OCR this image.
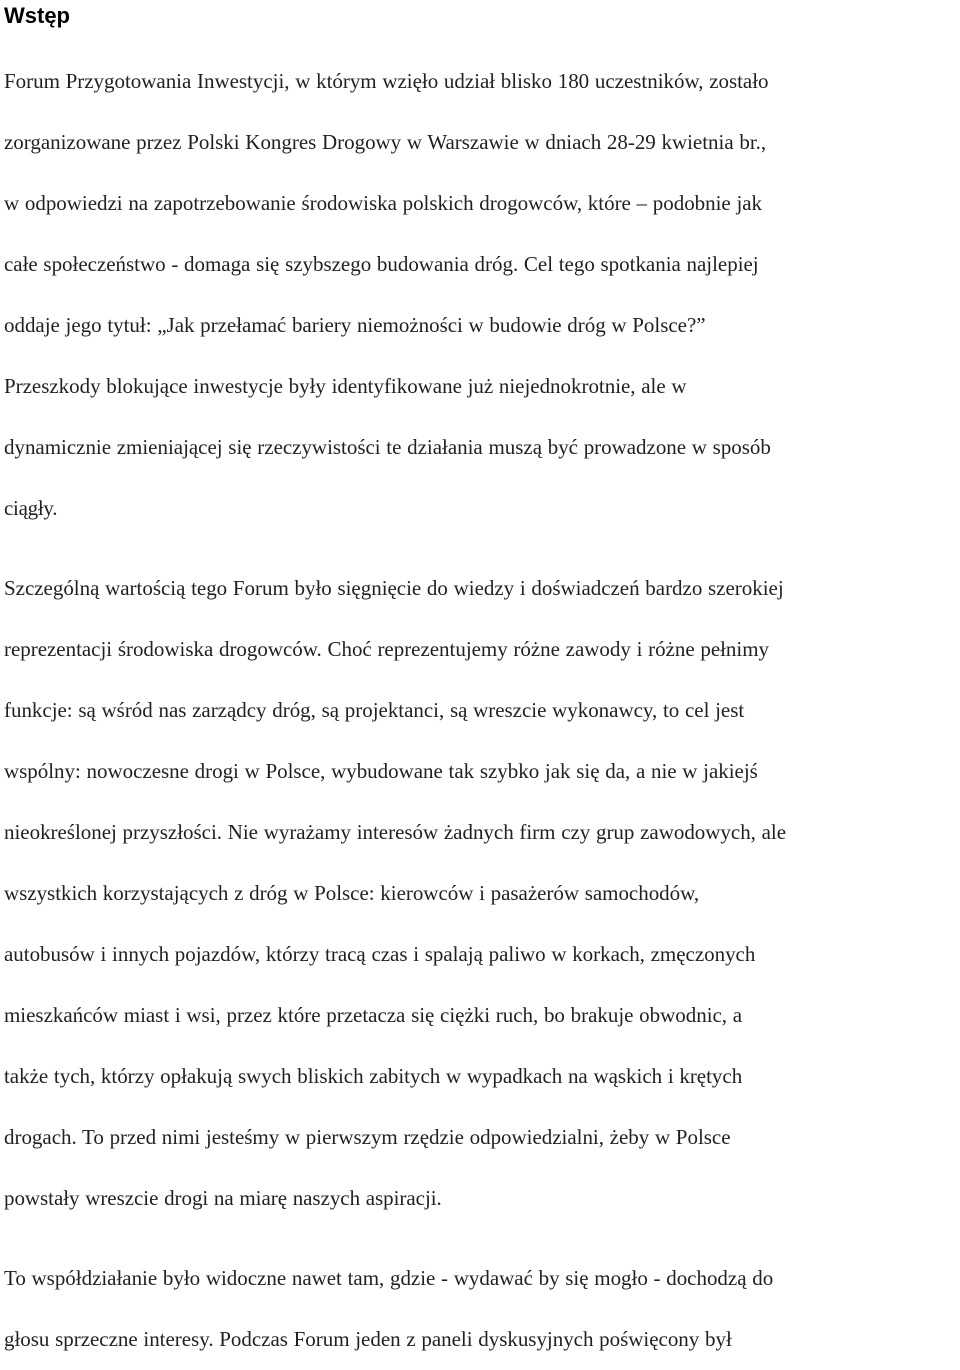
Wstęp

Forum Przygotowania Inwestycji, w którym wzięło udział blisko 180 uczestników, zostało
zorganizowane przez Polski Kongres Drogowy w Warszawie w dniach 28-29 kwietnia br.,
w odpowiedzi na zapotrzebowanie środowiska polskich drogowców, które – podobnie jak
całe społeczeństwo - domaga się szybszego budowania dróg. Cel tego spotkania najlepiej
oddaje jego tytuł: „Jak przełamać bariery niemożności w budowie dróg w Polsce?”
Przeszkody blokujące inwestycje były identyfikowane już niejednokrotnie, ale w
dynamicznie zmieniającej się rzeczywistości te działania muszą być prowadzone w sposób
ciągły.

Szczególną wartością tego Forum było sięgnięcie do wiedzy i doświadczeń bardzo szerokiej
reprezentacji środowiska drogowców. Choć reprezentujemy różne zawody i różne pełnimy
funkcje: są wśród nas zarządcy dróg, są projektanci, są wreszcie wykonawcy, to cel jest
wspólny: nowoczesne drogi w Polsce, wybudowane tak szybko jak się da, a nie w jakiejś
nieokreślonej przyszłości. Nie wyrażamy interesów żadnych firm czy grup zawodowych, ale
wszystkich korzystających z dróg w Polsce: kierowców i pasażerów samochodów,
autobusów i innych pojazdów, którzy tracą czas i spalają paliwo w korkach, zmęczonych
mieszkańców miast i wsi, przez które przetacza się ciężki ruch, bo brakuje obwodnic, a
także tych, którzy opłakują swych bliskich zabitych w wypadkach na wąskich i krętych
drogach. To przed nimi jesteśmy w pierwszym rzędzie odpowiedzialni, żeby w Polsce
powstały wreszcie drogi na miarę naszych aspiracji.

To współdziałanie było widoczne nawet tam, gdzie - wydawać by się mogło - dochodzą do
głosu sprzeczne interesy. Podczas Forum jeden z paneli dyskusyjnych poświęcony był
